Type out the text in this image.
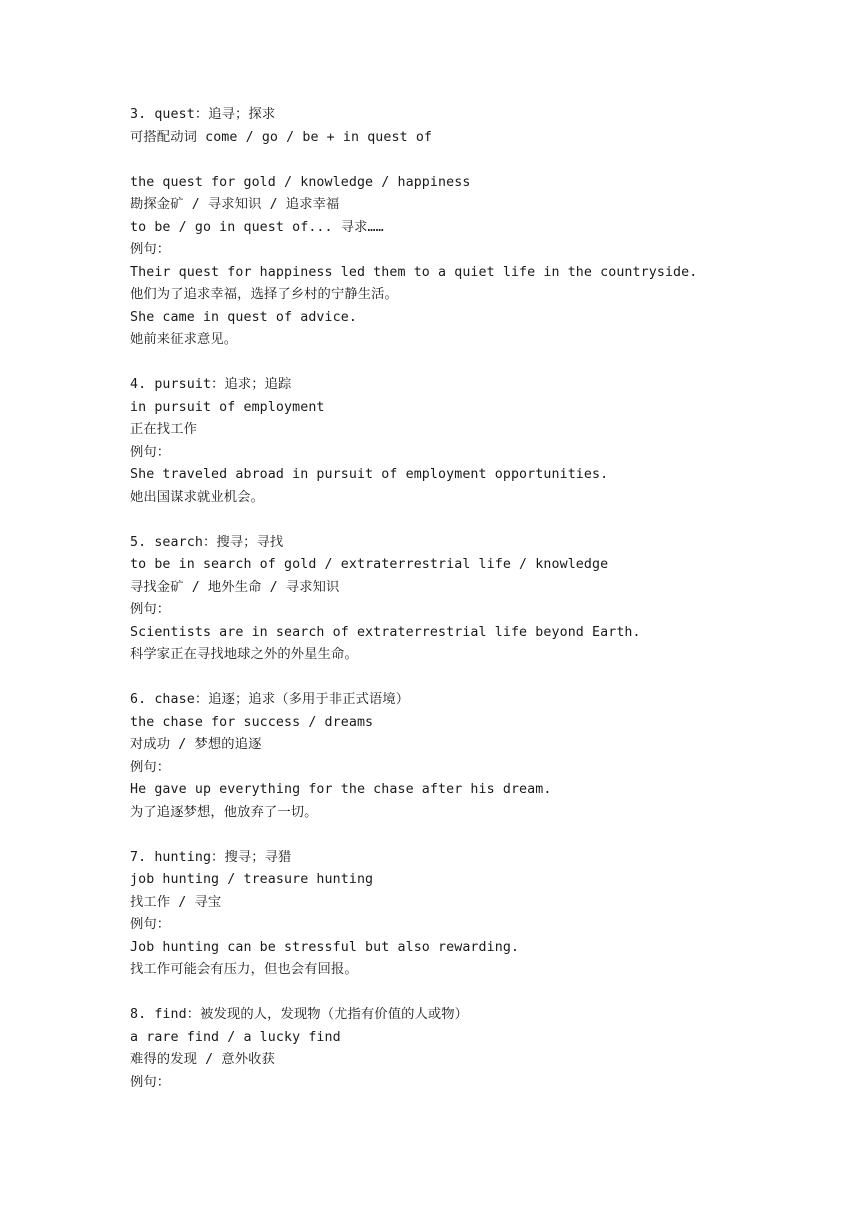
3. quest：追寻；探求
可搭配动词 come / go / be + in quest of
the quest for gold / knowledge / happiness
勘探金矿 / 寻求知识 / 追求幸福
to be / go in quest of... 寻求……
例句：
Their quest for happiness led them to a quiet life in the countryside.
他们为了追求幸福，选择了乡村的宁静生活。
She came in quest of advice.
她前来征求意见。
4. pursuit：追求；追踪
in pursuit of employment
正在找工作
例句：
She traveled abroad in pursuit of employment opportunities.
她出国谋求就业机会。
5. search：搜寻；寻找
to be in search of gold / extraterrestrial life / knowledge
寻找金矿 / 地外生命 / 寻求知识
例句：
Scientists are in search of extraterrestrial life beyond Earth.
科学家正在寻找地球之外的外星生命。
6. chase：追逐；追求（多用于非正式语境）
the chase for success / dreams
对成功 / 梦想的追逐
例句：
He gave up everything for the chase after his dream.
为了追逐梦想，他放弃了一切。
7. hunting：搜寻；寻猎
job hunting / treasure hunting
找工作 / 寻宝
例句：
Job hunting can be stressful but also rewarding.
找工作可能会有压力，但也会有回报。
8. find：被发现的人，发现物（尤指有价值的人或物）
a rare find / a lucky find
难得的发现 / 意外收获
例句：
